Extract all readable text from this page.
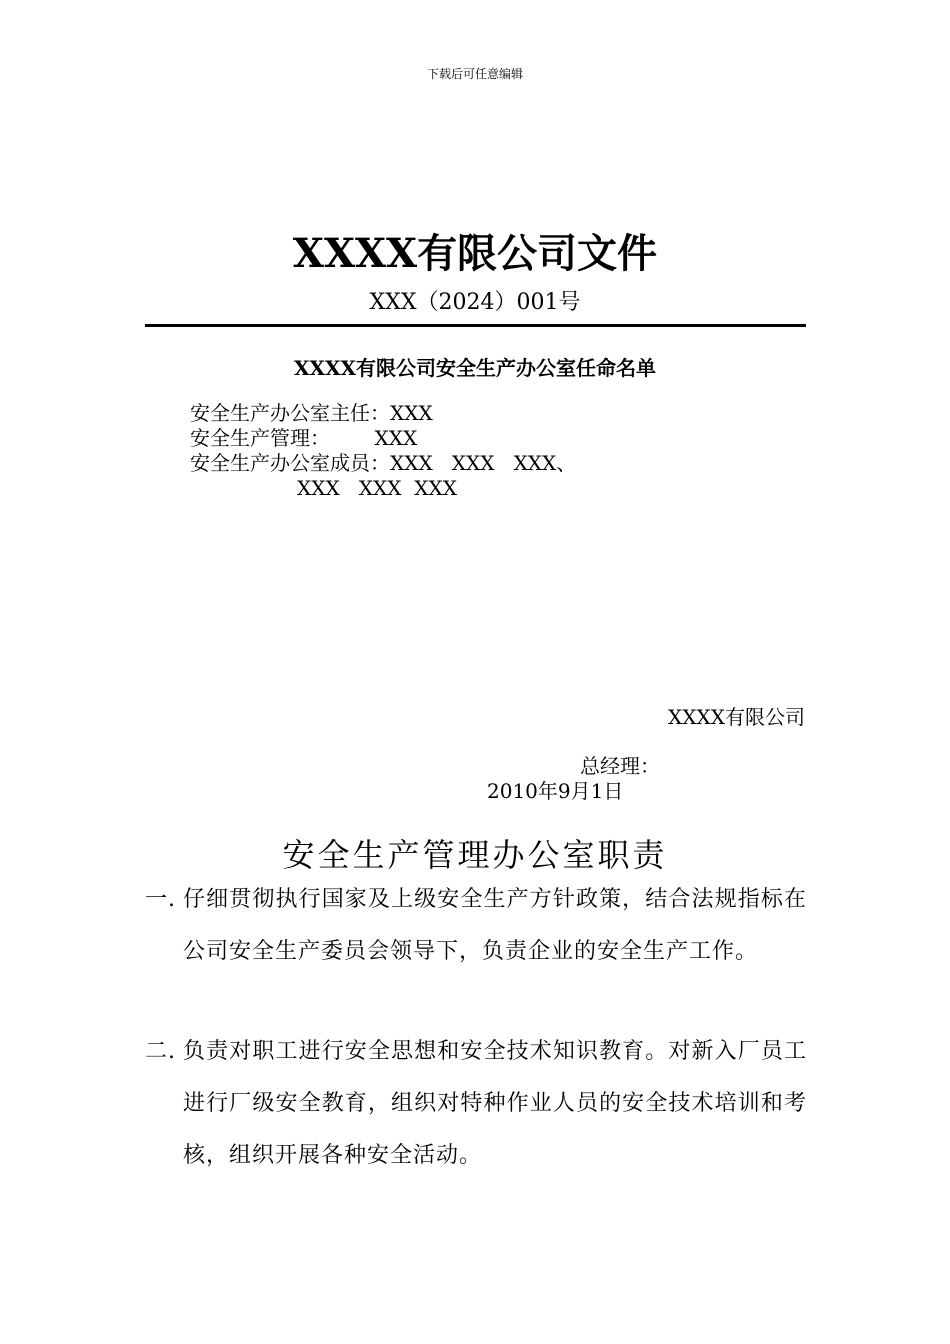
下载后可任意编辑
XXXX有限公司文件
XXX（2024）001号
XXXX有限公司安全生产办公室任命名单
安全生产办公室主任：XXX
安全生产管理：       XXX
安全生产办公室成员：XXX   XXX   XXX、
XXX   XXX  XXX
XXXX有限公司
总经理：
2010年9月1日
安全生产管理办公室职责
一. 仔细贯彻执行国家及上级安全生产方针政策，结合法规指标在公司安全生产委员会领导下，负责企业的安全生产工作。
二. 负责对职工进行安全思想和安全技术知识教育。对新入厂员工进行厂级安全教育，组织对特种作业人员的安全技术培训和考核，组织开展各种安全活动。
